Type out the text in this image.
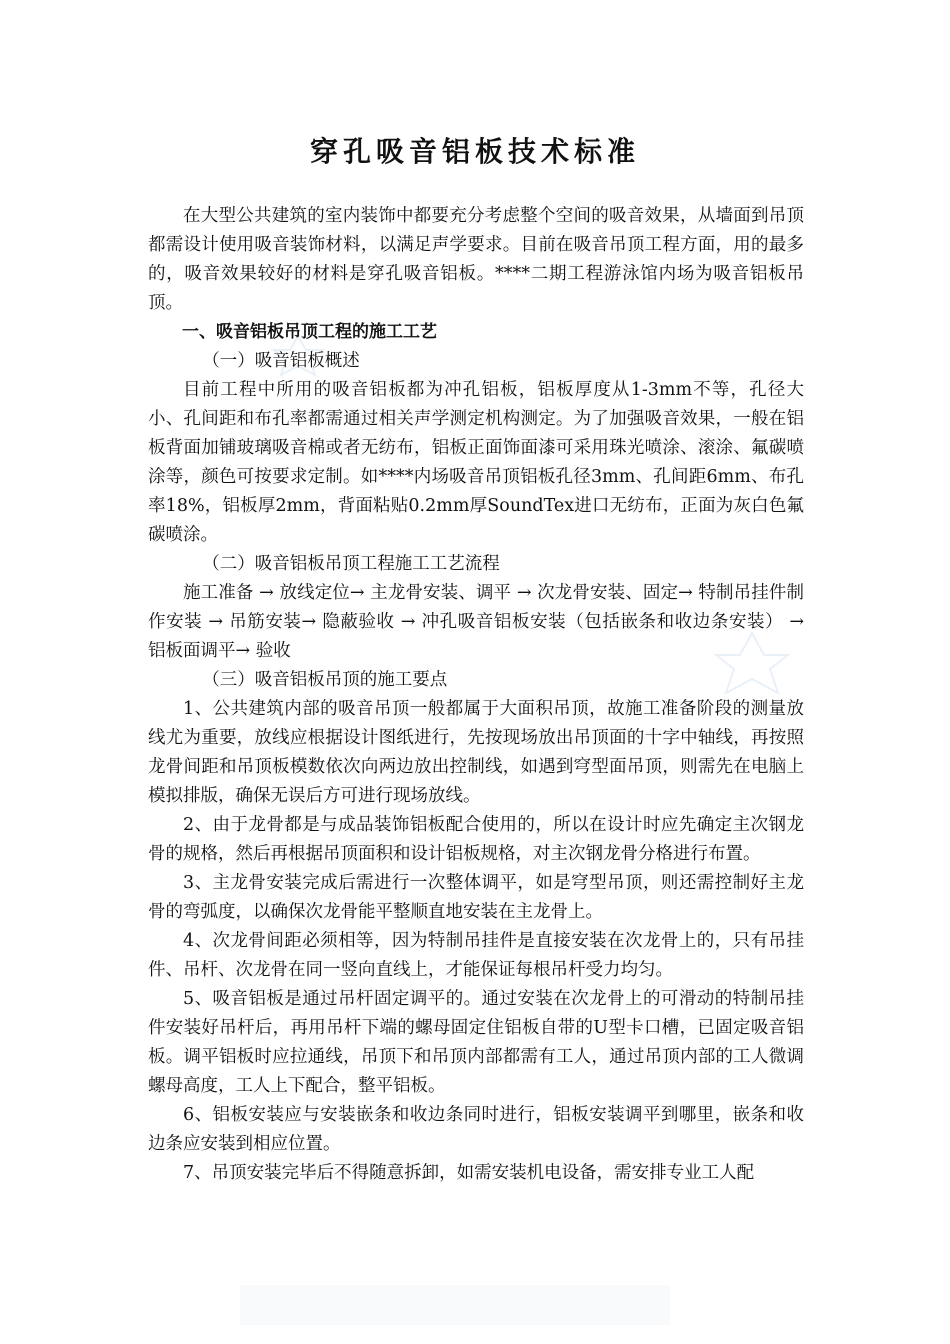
穿孔吸音铝板技术标准

在大型公共建筑的室内装饰中都要充分考虑整个空间的吸音效果，从墙面到吊顶都需设计使用吸音装饰材料，以满足声学要求。目前在吸音吊顶工程方面，用的最多的，吸音效果较好的材料是穿孔吸音铝板。****二期工程游泳馆内场为吸音铝板吊顶。

一、吸音铝板吊顶工程的施工工艺

（一）吸音铝板概述

目前工程中所用的吸音铝板都为冲孔铝板，铝板厚度从1-3mm不等，孔径大小、孔间距和布孔率都需通过相关声学测定机构测定。为了加强吸音效果，一般在铝板背面加铺玻璃吸音棉或者无纺布，铝板正面饰面漆可采用珠光喷涂、滚涂、氟碳喷涂等，颜色可按要求定制。如****内场吸音吊顶铝板孔径3mm、孔间距6mm、布孔率18%，铝板厚2mm，背面粘贴0.2mm厚SoundTex进口无纺布，正面为灰白色氟碳喷涂。

（二）吸音铝板吊顶工程施工工艺流程

施工准备 → 放线定位→ 主龙骨安装、调平 → 次龙骨安装、固定→ 特制吊挂件制作安装 → 吊筋安装→ 隐蔽验收 → 冲孔吸音铝板安装（包括嵌条和收边条安装） → 铝板面调平→ 验收

（三）吸音铝板吊顶的施工要点

1、公共建筑内部的吸音吊顶一般都属于大面积吊顶，故施工准备阶段的测量放线尤为重要，放线应根据设计图纸进行，先按现场放出吊顶面的十字中轴线，再按照龙骨间距和吊顶板模数依次向两边放出控制线，如遇到穹型面吊顶，则需先在电脑上模拟排版，确保无误后方可进行现场放线。

2、由于龙骨都是与成品装饰铝板配合使用的，所以在设计时应先确定主次钢龙骨的规格，然后再根据吊顶面积和设计铝板规格，对主次钢龙骨分格进行布置。

3、主龙骨安装完成后需进行一次整体调平，如是穹型吊顶，则还需控制好主龙骨的弯弧度，以确保次龙骨能平整顺直地安装在主龙骨上。

4、次龙骨间距必须相等，因为特制吊挂件是直接安装在次龙骨上的，只有吊挂件、吊杆、次龙骨在同一竖向直线上，才能保证每根吊杆受力均匀。

5、吸音铝板是通过吊杆固定调平的。通过安装在次龙骨上的可滑动的特制吊挂件安装好吊杆后，再用吊杆下端的螺母固定住铝板自带的U型卡口槽，已固定吸音铝板。调平铝板时应拉通线，吊顶下和吊顶内部都需有工人，通过吊顶内部的工人微调螺母高度，工人上下配合，整平铝板。

6、铝板安装应与安装嵌条和收边条同时进行，铝板安装调平到哪里，嵌条和收边条应安装到相应位置。

7、吊顶安装完毕后不得随意拆卸，如需安装机电设备，需安排专业工人配
